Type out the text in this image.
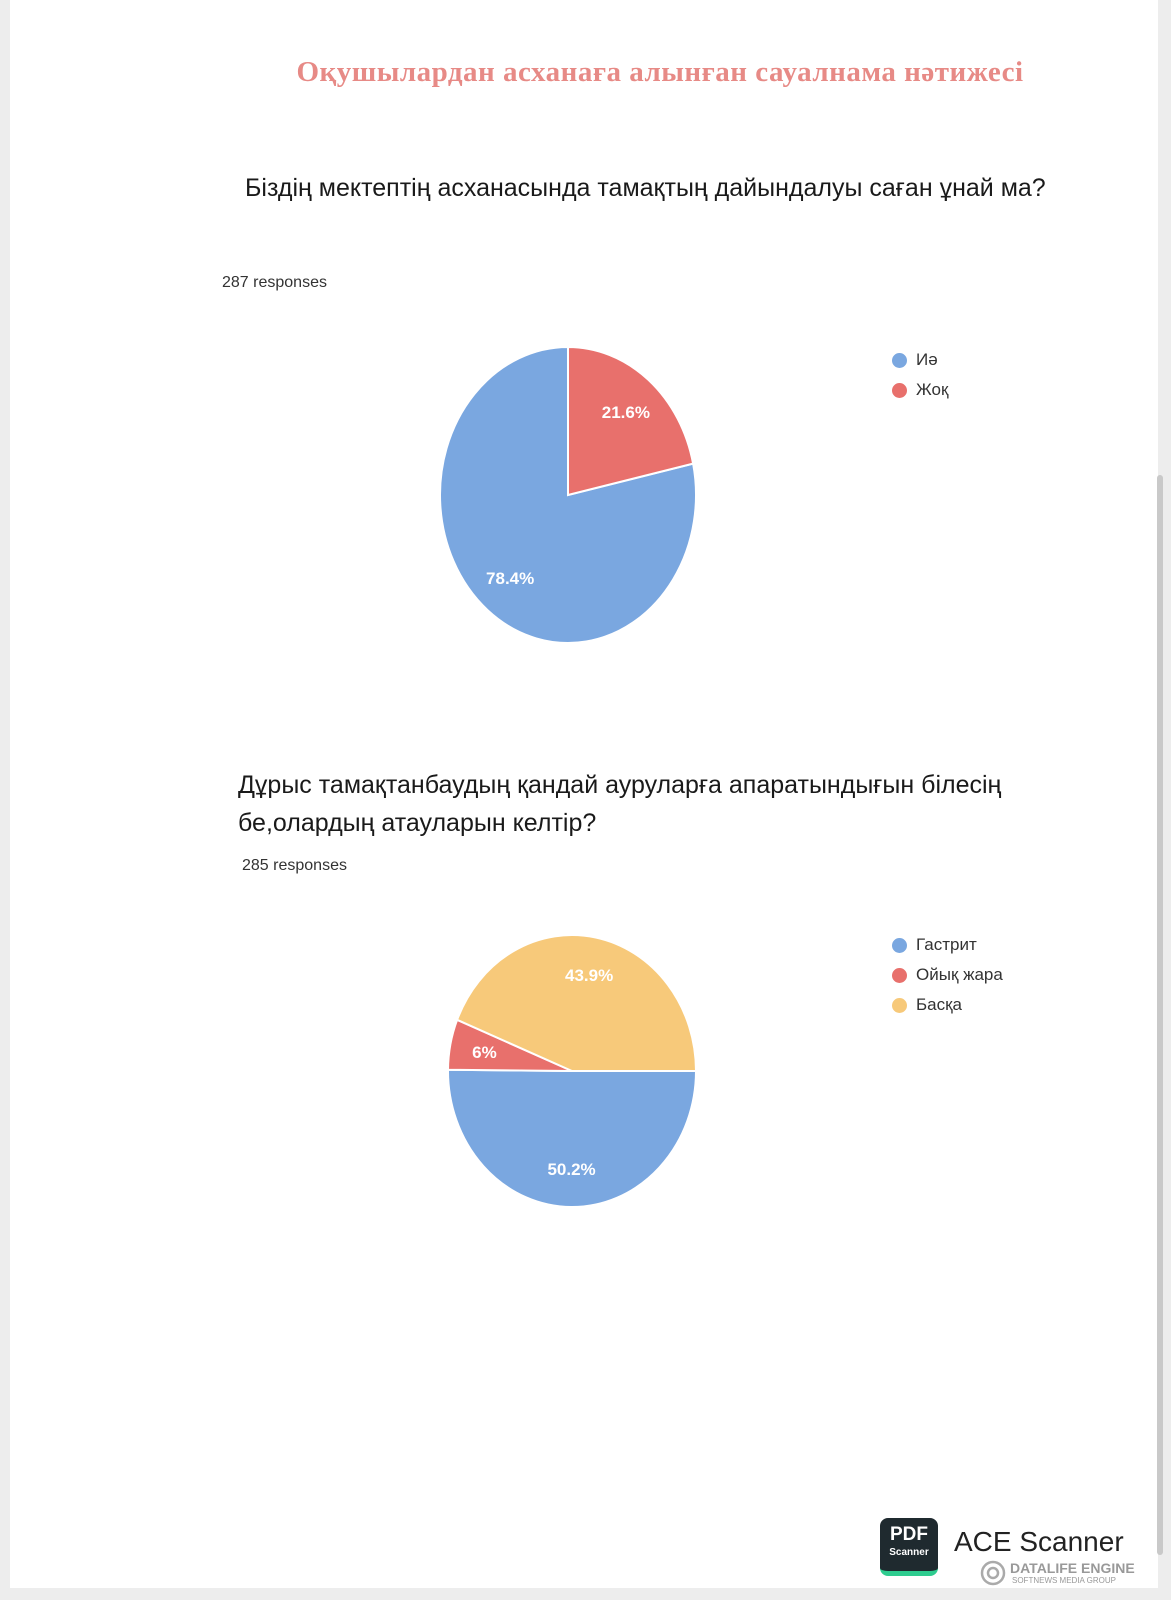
Оқушылардан асханаға алынған сауалнама нәтижесі
Біздің мектептің асханасында тамақтың дайындалуы саған ұнай ма?
287 responses
78.4%
21.6%
Иә
Жоқ
Дұрыс тамақтанбаудың қандай ауруларға апаратындығын білесің бе,олардың атауларын келтір?
285 responses
50.2%
6%
43.9%
Гастрит
Ойық жара
Басқа
PDF
Scanner ACE Scanner
DATALIFE ENGINE
SOFTNEWS MEDIA GROUP
